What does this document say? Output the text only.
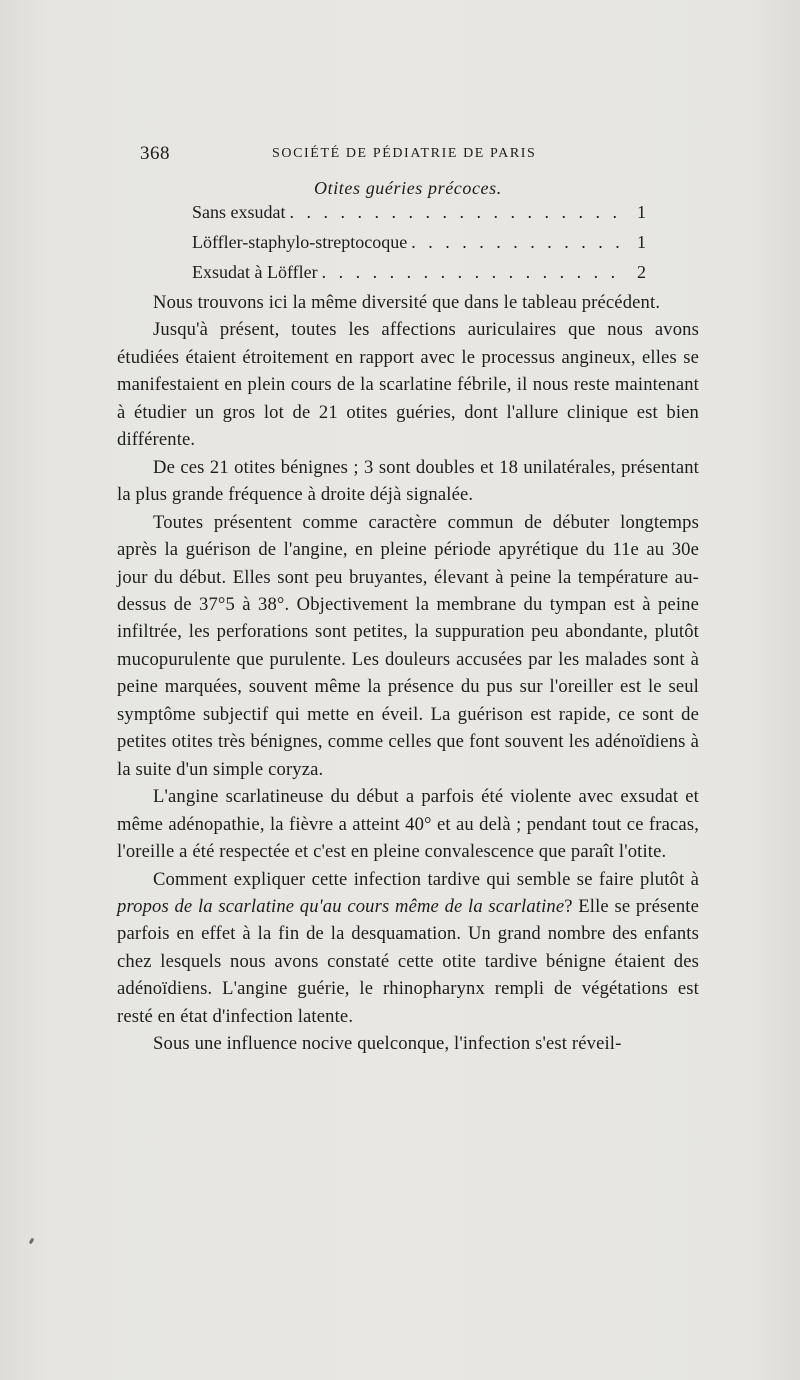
368	SOCIÉTÉ DE PÉDIATRIE DE PARIS
Otites guéries précoces.
Sans exsudat . . .	1
Löffler-staphylo-streptocoque . . .	1
Exsudat à Löffler . . .	2

Nous trouvons ici la même diversité que dans le tableau précédent.

Jusqu'à présent, toutes les affections auriculaires que nous avons étudiées étaient étroitement en rapport avec le processus angineux, elles se manifestaient en plein cours de la scarlatine fébrile, il nous reste maintenant à étudier un gros lot de 21 otites guéries, dont l'allure clinique est bien différente.

De ces 21 otites bénignes ; 3 sont doubles et 18 unilatérales, présentant la plus grande fréquence à droite déjà signalée.

Toutes présentent comme caractère commun de débuter longtemps après la guérison de l'angine, en pleine période apyrétique du 11e au 30e jour du début. Elles sont peu bruyantes, élevant à peine la température au-dessus de 37°5 à 38°. Objectivement la membrane du tympan est à peine infiltrée, les perforations sont petites, la suppuration peu abondante, plutôt mucopurulente que purulente. Les douleurs accusées par les malades sont à peine marquées, souvent même la présence du pus sur l'oreiller est le seul symptôme subjectif qui mette en éveil. La guérison est rapide, ce sont de petites otites très bénignes, comme celles que font souvent les adénoïdiens à la suite d'un simple coryza.

L'angine scarlatineuse du début a parfois été violente avec exsudat et même adénopathie, la fièvre a atteint 40° et au delà ; pendant tout ce fracas, l'oreille a été respectée et c'est en pleine convalescence que paraît l'otite.

Comment expliquer cette infection tardive qui semble se faire plutôt à propos de la scarlatine qu'au cours même de la scarlatine? Elle se présente parfois en effet à la fin de la desquamation. Un grand nombre des enfants chez lesquels nous avons constaté cette otite tardive bénigne étaient des adénoïdiens. L'angine guérie, le rhinopharynx rempli de végétations est resté en état d'infection latente.

Sous une influence nocive quelconque, l'infection s'est réveil-
